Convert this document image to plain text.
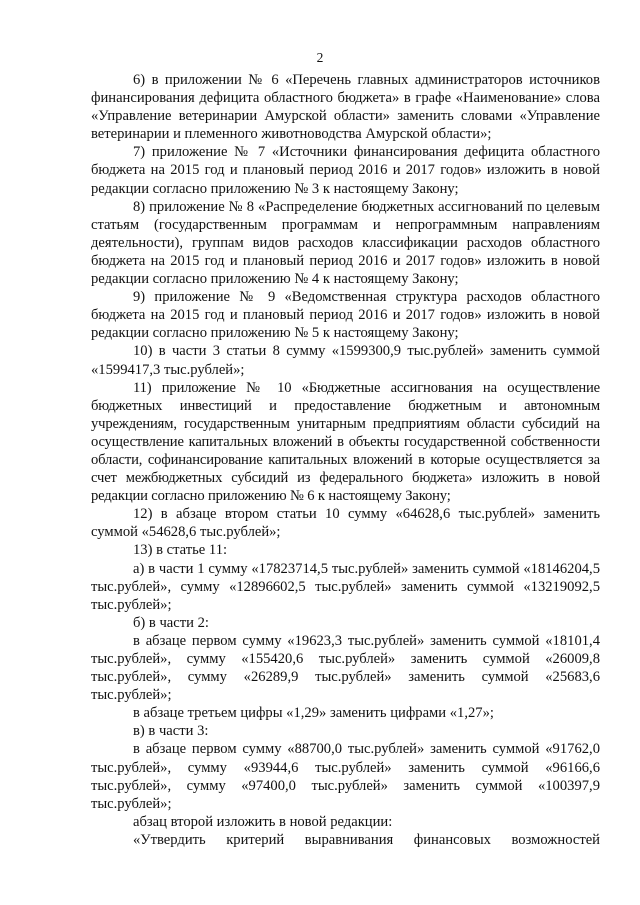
2

6) в приложении № 6 «Перечень главных администраторов источников финансирования дефицита областного бюджета» в графе «Наименование» слова «Управление ветеринарии Амурской области» заменить словами «Управление ветеринарии и племенного животноводства Амурской области»;

7) приложение № 7 «Источники финансирования дефицита областного бюджета на 2015 год и плановый период 2016 и 2017 годов» изложить в новой редакции согласно приложению № 3 к настоящему Закону;

8) приложение № 8 «Распределение бюджетных ассигнований по целевым статьям (государственным программам и непрограммным направлениям деятельности), группам видов расходов классификации расходов областного бюджета на 2015 год и плановый период 2016 и 2017 годов» изложить в новой редакции согласно приложению № 4 к настоящему Закону;

9) приложение № 9 «Ведомственная структура расходов областного бюджета на 2015 год и плановый период 2016 и 2017 годов» изложить в новой редакции согласно приложению № 5 к настоящему Закону;

10) в части 3 статьи 8 сумму «1599300,9 тыс.рублей» заменить суммой «1599417,3 тыс.рублей»;

11) приложение № 10 «Бюджетные ассигнования на осуществление бюджетных инвестиций и предоставление бюджетным и автономным учреждениям, государственным унитарным предприятиям области субсидий на осуществление капитальных вложений в объекты государственной собственности области, софинансирование капитальных вложений в которые осуществляется за счет межбюджетных субсидий из федерального бюджета» изложить в новой редакции согласно приложению № 6 к настоящему Закону;

12) в абзаце втором статьи 10 сумму «64628,6 тыс.рублей» заменить суммой «54628,6 тыс.рублей»;

13) в статье 11:

а) в части 1 сумму «17823714,5 тыс.рублей» заменить суммой «18146204,5 тыс.рублей», сумму «12896602,5 тыс.рублей» заменить суммой «13219092,5 тыс.рублей»;

б) в части 2:

в абзаце первом сумму «19623,3 тыс.рублей» заменить суммой «18101,4 тыс.рублей», сумму «155420,6 тыс.рублей» заменить суммой «26009,8 тыс.рублей», сумму «26289,9 тыс.рублей» заменить суммой «25683,6 тыс.рублей»;

в абзаце третьем цифры «1,29» заменить цифрами «1,27»;

в) в части 3:

в абзаце первом сумму «88700,0 тыс.рублей» заменить суммой «91762,0 тыс.рублей», сумму «93944,6 тыс.рублей» заменить суммой «96166,6 тыс.рублей», сумму «97400,0 тыс.рублей» заменить суммой «100397,9 тыс.рублей»;

абзац второй изложить в новой редакции:

«Утвердить критерий выравнивания финансовых возможностей
